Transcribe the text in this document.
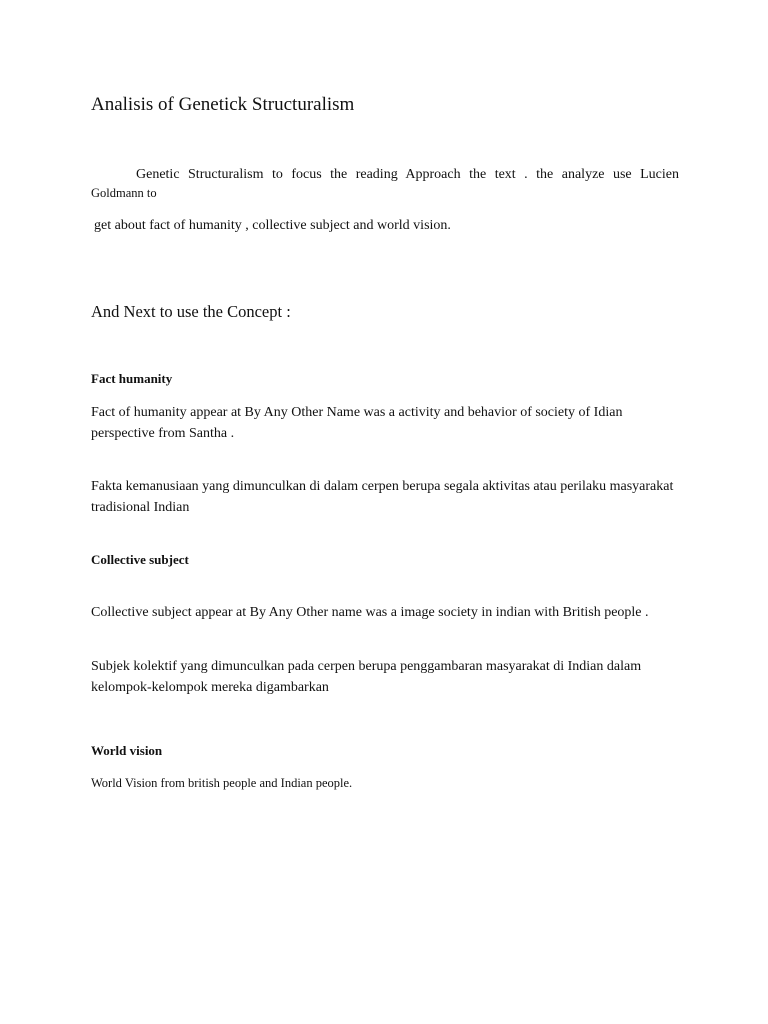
Analisis of Genetick Structuralism

Genetic Structuralism to focus the reading Approach the text . the analyze use Lucien

Goldmann to

get about fact of humanity , collective subject and world vision.

And Next to use the Concept :
Fact humanity

Fact of humanity appear at By Any Other Name was a activity and behavior of society of Idian perspective from Santha .

Fakta kemanusiaan yang dimunculkan di dalam cerpen berupa segala aktivitas atau perilaku masyarakat tradisional Indian

Collective subject

Collective subject appear at By Any Other name was a image society in indian with British people .

Subjek kolektif yang dimunculkan pada cerpen berupa penggambaran masyarakat di Indian dalam kelompok-kelompok mereka digambarkan

World vision

World Vision from british people and Indian people.
